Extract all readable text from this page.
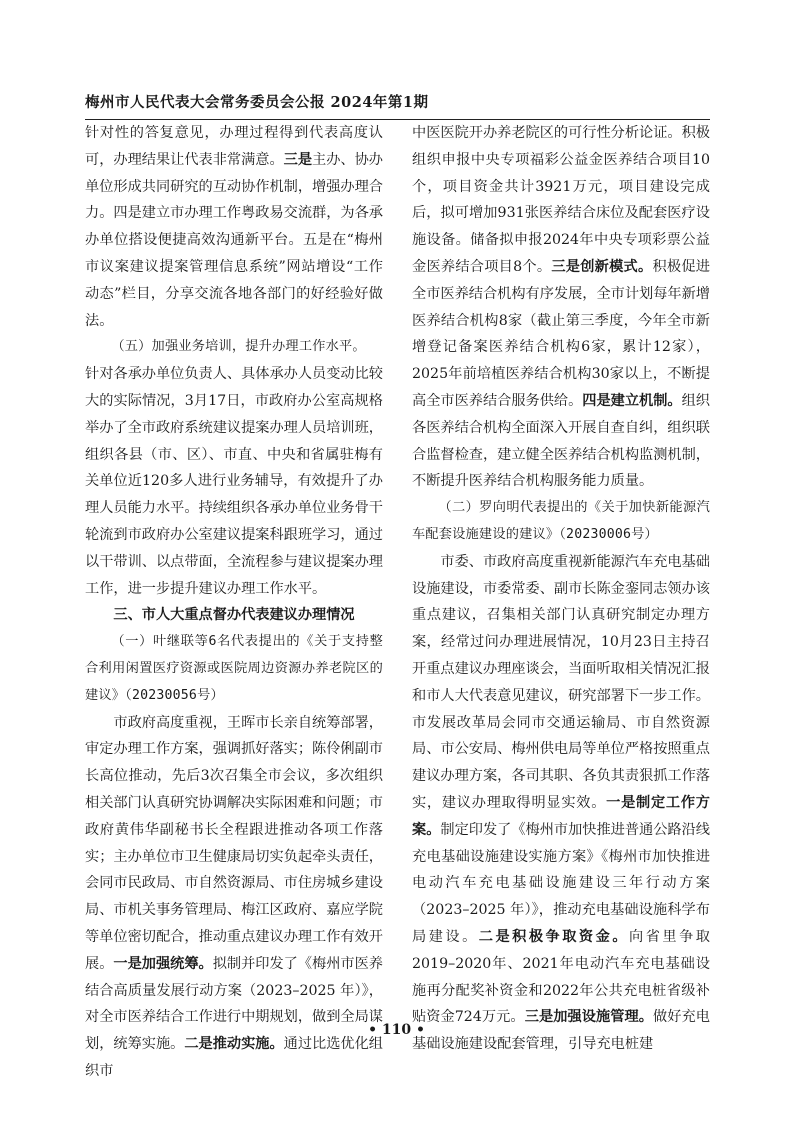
梅州市人民代表大会常务委员会公报 2024年第1期

针对性的答复意见，办理过程得到代表高度认可，办理结果让代表非常满意。三是主办、协办单位形成共同研究的互动协作机制，增强办理合力。四是建立市办理工作粤政易交流群，为各承办单位搭设便捷高效沟通新平台。五是在“梅州市议案建议提案管理信息系统”网站增设“工作动态”栏目，分享交流各地各部门的好经验好做法。

（五）加强业务培训，提升办理工作水平。

针对各承办单位负责人、具体承办人员变动比较大的实际情况，3月17日，市政府办公室高规格举办了全市政府系统建议提案办理人员培训班，组织各县（市、区）、市直、中央和省属驻梅有关单位近120多人进行业务辅导，有效提升了办理人员能力水平。持续组织各承办单位业务骨干轮流到市政府办公室建议提案科跟班学习，通过以干带训、以点带面，全流程参与建议提案办理工作，进一步提升建议办理工作水平。

三、市人大重点督办代表建议办理情况

（一）叶继联等6名代表提出的《关于支持整合利用闲置医疗资源或医院周边资源办养老院区的建议》（20230056号）

市政府高度重视，王晖市长亲自统筹部署，审定办理工作方案，强调抓好落实；陈伶俐副市长高位推动，先后3次召集全市会议，多次组织相关部门认真研究协调解决实际困难和问题；市政府黄伟华副秘书长全程跟进推动各项工作落实；主办单位市卫生健康局切实负起牵头责任，会同市民政局、市自然资源局、市住房城乡建设局、市机关事务管理局、梅江区政府、嘉应学院等单位密切配合，推动重点建议办理工作有效开展。一是加强统筹。拟制并印发了《梅州市医养结合高质量发展行动方案（2023–2025 年）》，对全市医养结合工作进行中期规划，做到全局谋划，统筹实施。二是推动实施。通过比选优化组织市

中医医院开办养老院区的可行性分析论证。积极组织申报中央专项福彩公益金医养结合项目10个，项目资金共计3921万元，项目建设完成后，拟可增加931张医养结合床位及配套医疗设施设备。储备拟申报2024年中央专项彩票公益金医养结合项目8个。三是创新模式。积极促进全市医养结合机构有序发展，全市计划每年新增医养结合机构8家（截止第三季度，今年全市新增登记备案医养结合机构6家，累计12家），2025年前培植医养结合机构30家以上，不断提高全市医养结合服务供给。四是建立机制。组织各医养结合机构全面深入开展自查自纠，组织联合监督检查，建立健全医养结合机构监测机制，不断提升医养结合机构服务能力质量。

（二）罗向明代表提出的《关于加快新能源汽车配套设施建设的建议》（20230006号）

市委、市政府高度重视新能源汽车充电基础设施建设，市委常委、副市长陈金銮同志领办该重点建议，召集相关部门认真研究制定办理方案，经常过问办理进展情况，10月23日主持召开重点建议办理座谈会，当面听取相关情况汇报和市人大代表意见建议，研究部署下一步工作。市发展改革局会同市交通运输局、市自然资源局、市公安局、梅州供电局等单位严格按照重点建议办理方案，各司其职、各负其责狠抓工作落实，建议办理取得明显实效。一是制定工作方案。制定印发了《梅州市加快推进普通公路沿线充电基础设施建设实施方案》《梅州市加快推进电动汽车充电基础设施建设三年行动方案（2023–2025 年）》，推动充电基础设施科学布局建设。二是积极争取资金。向省里争取2019–2020年、2021年电动汽车充电基础设施再分配奖补资金和2022年公共充电桩省级补贴资金724万元。三是加强设施管理。做好充电基础设施建设配套管理，引导充电桩建

• 110 •
